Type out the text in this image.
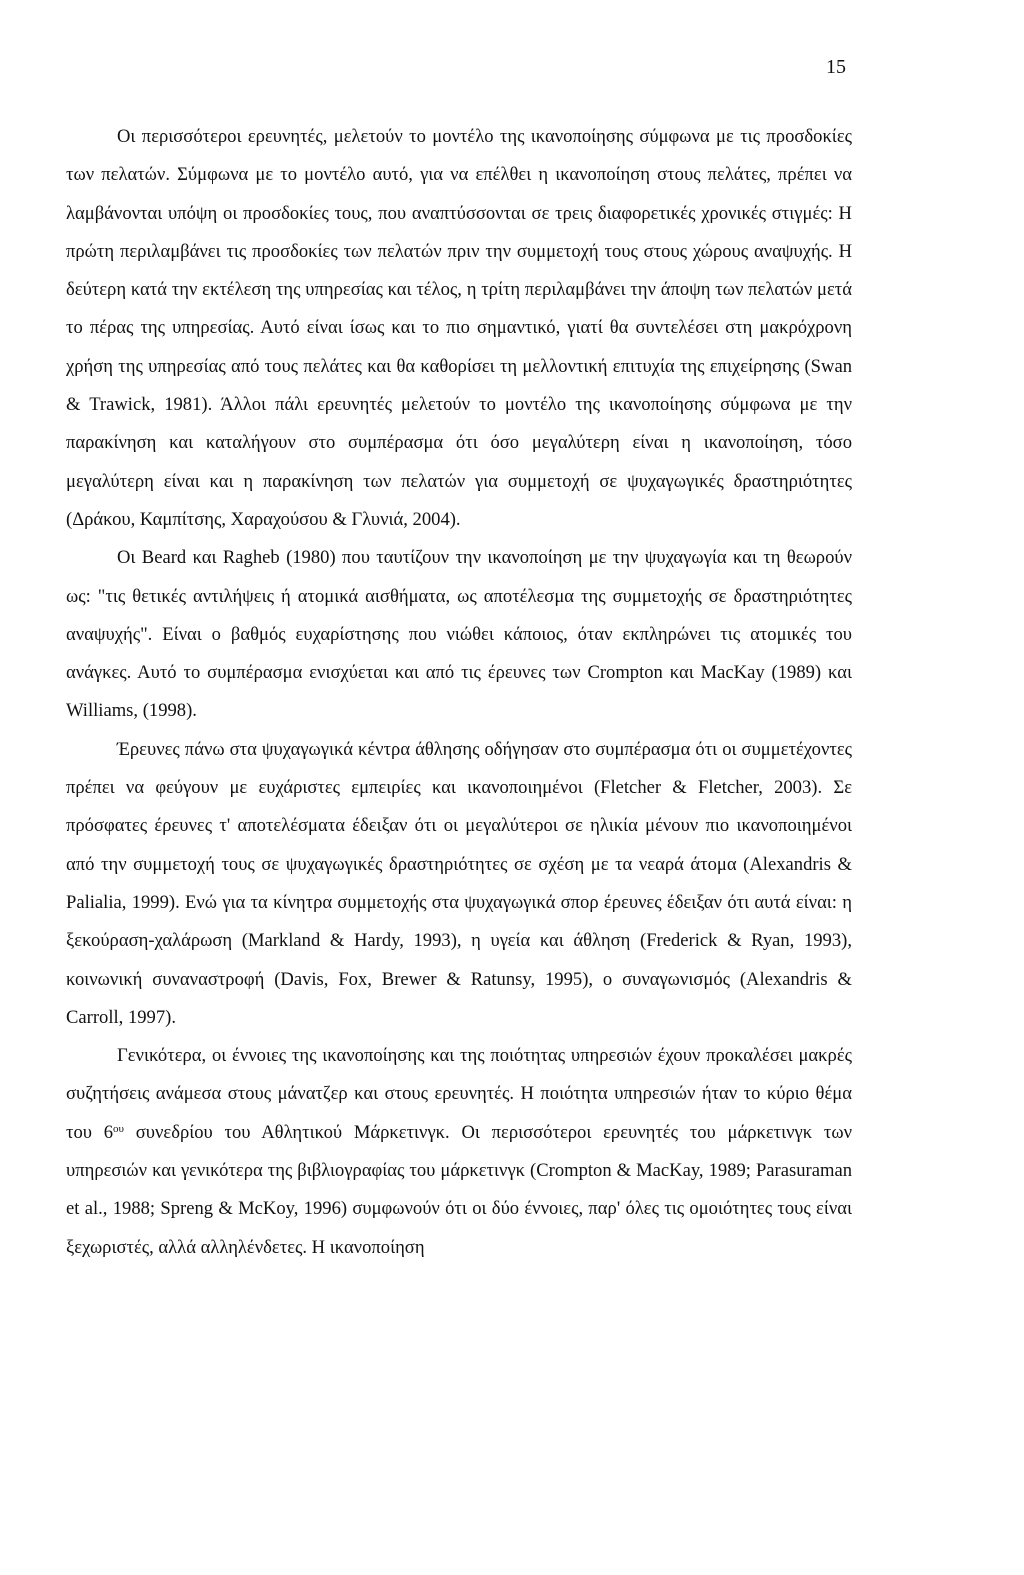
15

Οι περισσότεροι ερευνητές, μελετούν το μοντέλο της ικανοποίησης σύμφωνα με τις προσδοκίες των πελατών. Σύμφωνα με το μοντέλο αυτό, για να επέλθει η ικανοποίηση στους πελάτες, πρέπει να λαμβάνονται υπόψη οι προσδοκίες τους, που αναπτύσσονται σε τρεις διαφορετικές χρονικές στιγμές: Η πρώτη περιλαμβάνει τις προσδοκίες των πελατών πριν την συμμετοχή τους στους χώρους αναψυχής. Η δεύτερη κατά την εκτέλεση της υπηρεσίας και τέλος, η τρίτη περιλαμβάνει την άποψη των πελατών μετά το πέρας της υπηρεσίας. Αυτό είναι ίσως και το πιο σημαντικό, γιατί θα συντελέσει στη μακρόχρονη χρήση της υπηρεσίας από τους πελάτες και θα καθορίσει τη μελλοντική επιτυχία της επιχείρησης (Swan & Trawick, 1981). Άλλοι πάλι ερευνητές μελετούν το μοντέλο της ικανοποίησης σύμφωνα με την παρακίνηση και καταλήγουν στο συμπέρασμα ότι όσο μεγαλύτερη είναι η ικανοποίηση, τόσο μεγαλύτερη είναι και η παρακίνηση των πελατών για συμμετοχή σε ψυχαγωγικές δραστηριότητες (Δράκου, Καμπίτσης, Χαραχούσου & Γλυνιά, 2004).

Οι Beard και Ragheb (1980) που ταυτίζουν την ικανοποίηση με την ψυχαγωγία και τη θεωρούν ως: "τις θετικές αντιλήψεις ή ατομικά αισθήματα, ως αποτέλεσμα της συμμετοχής σε δραστηριότητες αναψυχής". Είναι ο βαθμός ευχαρίστησης που νιώθει κάποιος, όταν εκπληρώνει τις ατομικές του ανάγκες. Αυτό το συμπέρασμα ενισχύεται και από τις έρευνες των Crompton και MacKay (1989) και Williams, (1998).

Έρευνες πάνω στα ψυχαγωγικά κέντρα άθλησης οδήγησαν στο συμπέρασμα ότι οι συμμετέχοντες πρέπει να φεύγουν με ευχάριστες εμπειρίες και ικανοποιημένοι (Fletcher & Fletcher, 2003). Σε πρόσφατες έρευνες τ' αποτελέσματα έδειξαν ότι οι μεγαλύτεροι σε ηλικία μένουν πιο ικανοποιημένοι από την συμμετοχή τους σε ψυχαγωγικές δραστηριότητες σε σχέση με τα νεαρά άτομα (Alexandris & Palialia, 1999). Ενώ για τα κίνητρα συμμετοχής στα ψυχαγωγικά σπορ έρευνες έδειξαν ότι αυτά είναι: η ξεκούραση-χαλάρωση (Markland & Hardy, 1993), η υγεία και άθληση (Frederick & Ryan, 1993), κοινωνική συναναστροφή (Davis, Fox, Brewer & Ratunsy, 1995), ο συναγωνισμός (Alexandris & Carroll, 1997).

Γενικότερα, οι έννοιες της ικανοποίησης και της ποιότητας υπηρεσιών έχουν προκαλέσει μακρές συζητήσεις ανάμεσα στους μάνατζερ και στους ερευνητές. Η ποιότητα υπηρεσιών ήταν το κύριο θέμα του $6^{o\upsilon}$ συνεδρίου του Αθλητικού Μάρκετινγκ. Οι περισσότεροι ερευνητές του μάρκετινγκ των υπηρεσιών και γενικότερα της βιβλιογραφίας του μάρκετινγκ (Crompton & MacKay, 1989; Parasuraman et al., 1988; Spreng & McKoy, 1996) συμφωνούν ότι οι δύο έννοιες, παρ' όλες τις ομοιότητες τους είναι ξεχωριστές, αλλά αλληλένδετες. Η ικανοποίηση
